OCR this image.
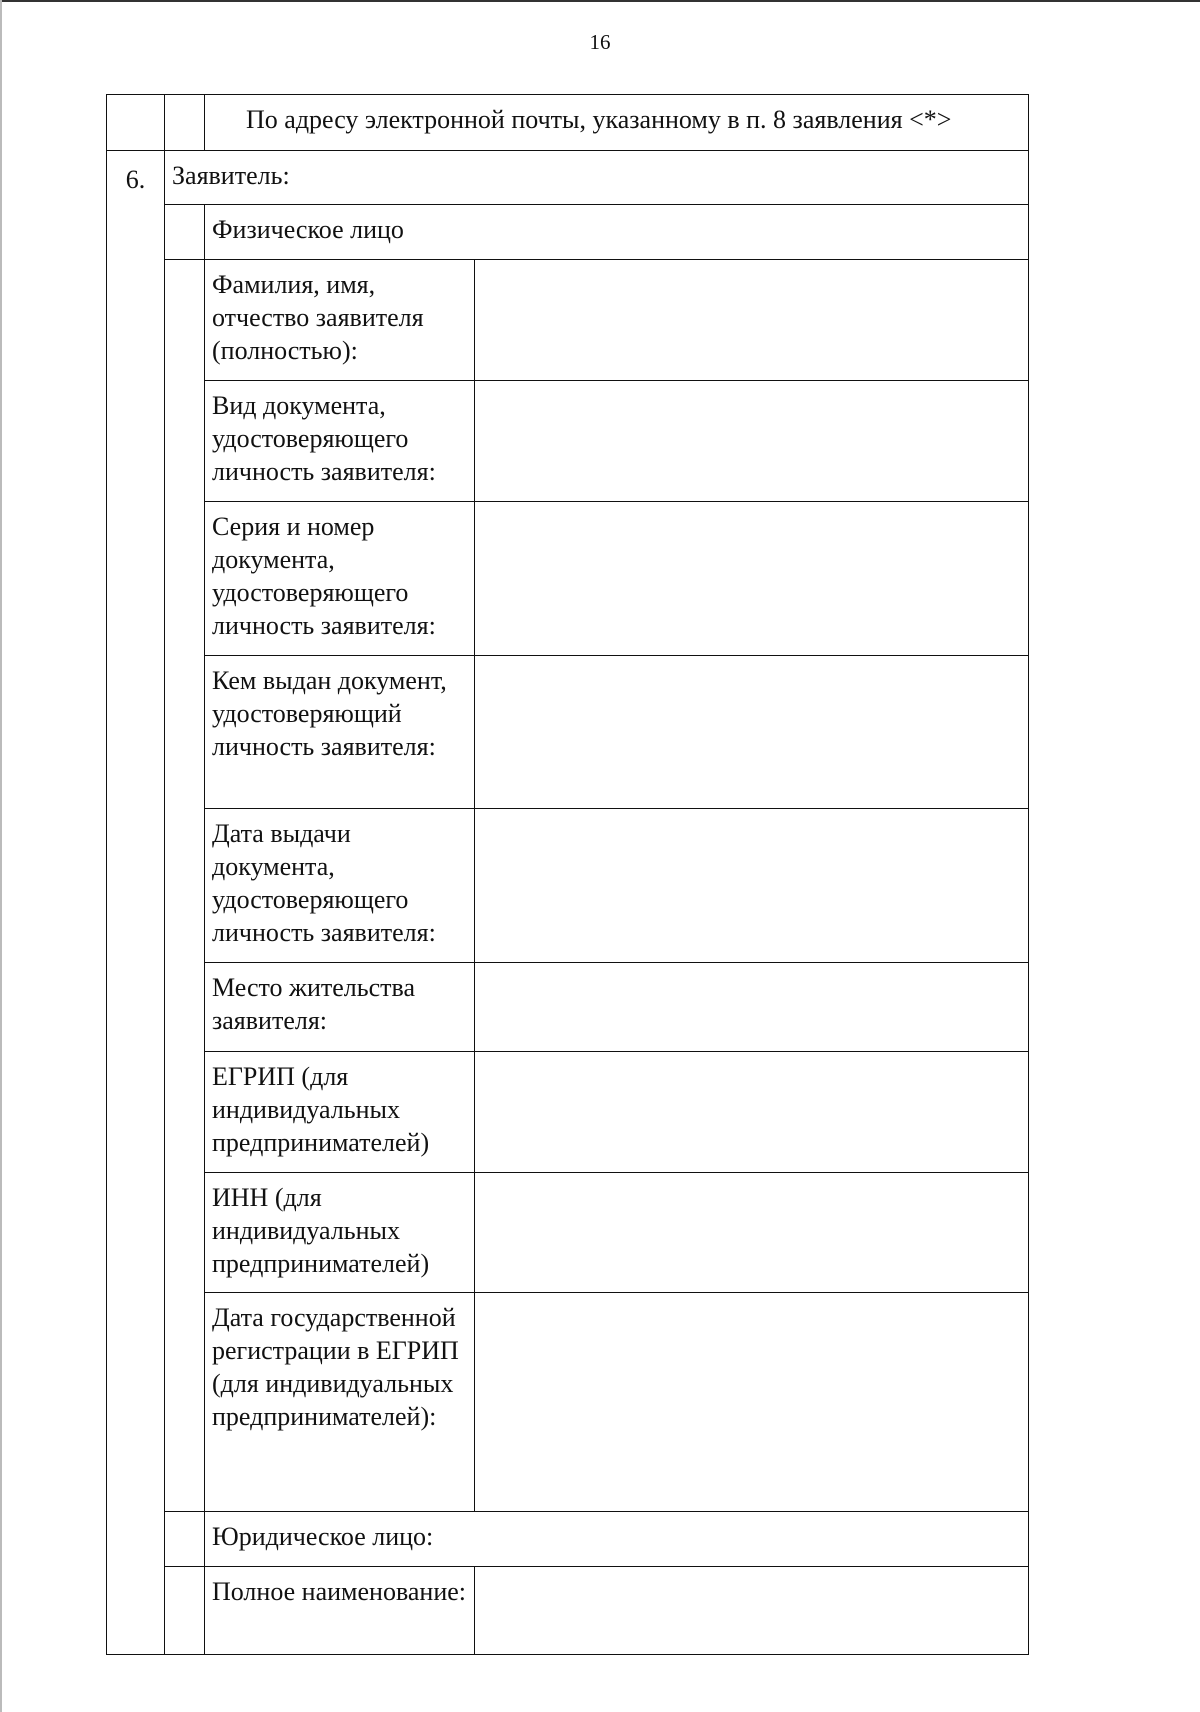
16

	По адресу электронной почты, указанному в п. 8 заявления <*>

6.	Заявитель:
	Физическое лицо
	Фамилия, имя, отчество заявителя (полностью):	
Вид документа, удостоверяющего личность заявителя:	
Серия и номер документа, удостоверяющего личность заявителя:	
Кем выдан документ, удостоверяющий личность заявителя:	
Дата выдачи документа, удостоверяющего личность заявителя:	
Место жительства заявителя:	
ЕГРИП (для индивидуальных предпринимателей)	
ИНН (для индивидуальных предпринимателей)	
Дата государственной регистрации в ЕГРИП (для индивидуальных предпринимателей):	
	Юридическое лицо:
	Полное наименование:	
